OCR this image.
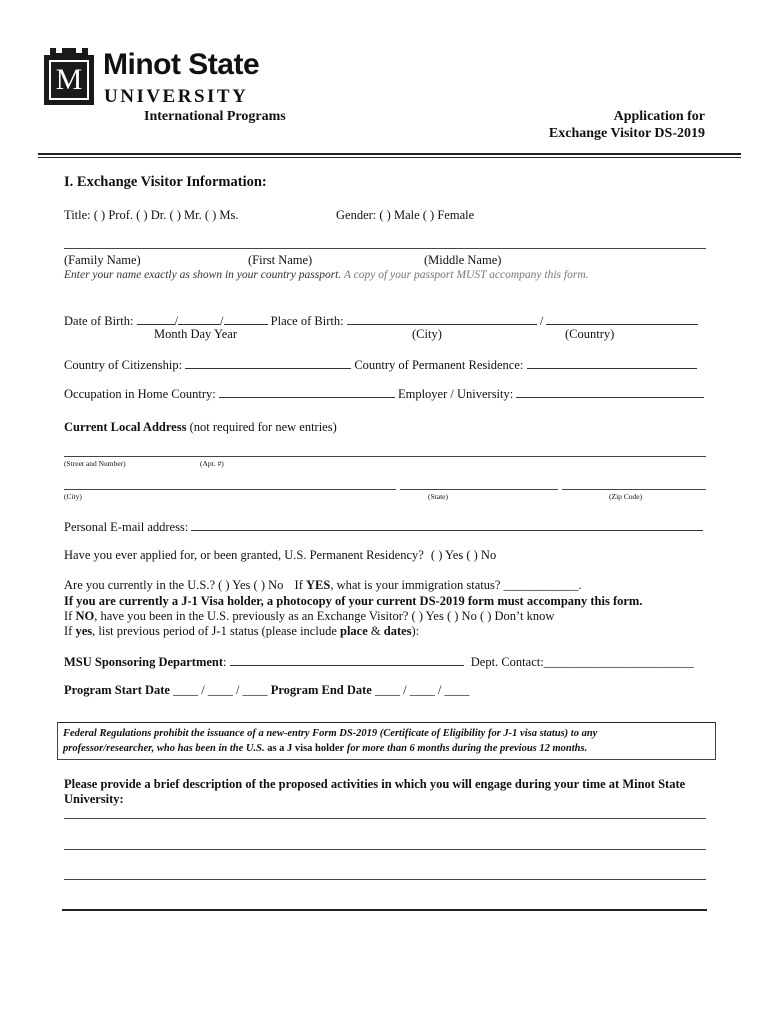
M Minot State
UNIVERSITY
International Programs	Application for
Exchange Visitor DS-2019
I. Exchange Visitor Information:
Title: ( ) Prof. ( ) Dr. ( ) Mr. ( ) Ms.	Gender: ( ) Male ( ) Female
(Family Name)	(First Name)	(Middle Name)
Enter your name exactly as shown in your country passport. A copy of your passport MUST accompany this form.
Date of Birth:	/	/	Place of Birth:	/
Month Day Year	(City)	(Country)
Country of Citizenship:	Country of Permanent Residence:
Occupation in Home Country:	Employer / University:
Current Local Address (not required for new entries)
(Street and Number)	(Apt. #)
(City)	(State)	(Zip Code)
Personal E-mail address:
Have you ever applied for, or been granted, U.S. Permanent Residency? ( ) Yes ( ) No
Are you currently in the U.S.? ( ) Yes ( ) No If YES, what is your immigration status? ____________.
If you are currently a J-1 Visa holder, a photocopy of your current DS-2019 form must accompany this form.
If NO, have you been in the U.S. previously as an Exchange Visitor? ( ) Yes ( ) No ( ) Don’t know
If yes, list previous period of J-1 status (please include place & dates):
MSU Sponsoring Department:	Dept. Contact:________________________
Program Start Date ____ / ____ / ____ Program End Date ____ / ____ / ____
Federal Regulations prohibit the issuance of a new-entry Form DS-2019 (Certificate of Eligibility for J-1 visa status) to any
professor/researcher, who has been in the U.S. as a J visa holder for more than 6 months during the previous 12 months.
Please provide a brief description of the proposed activities in which you will engage during your time at Minot State
University:
